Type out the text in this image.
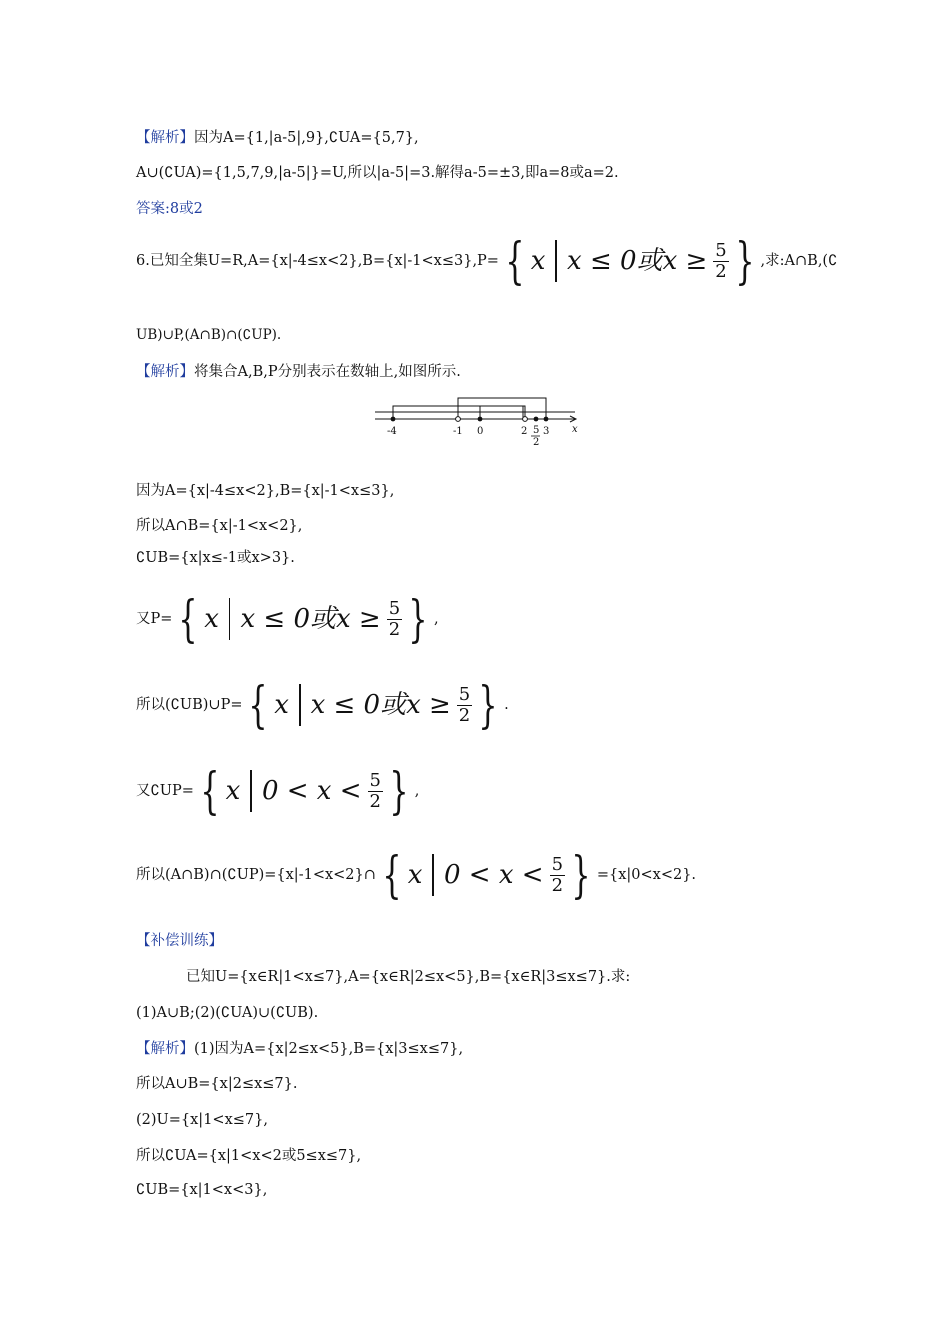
【解析】因为A={1,|a-5|,9},∁UA={5,7},
A∪(∁UA)={1,5,7,9,|a-5|}=U,所以|a-5|=3.解得a-5=±3,即a=8或a=2.
答案:8或2
6.已知全集U=R,A={x|-4≤x<2},B={x|-1<x≤3},P= { x x ≤ 0或$x \ge \frac{5}{2}$ } ,求:A∩B,(∁
UB)∪P,(A∩B)∩(∁UP).
【解析】将集合A,B,P分别表示在数轴上,如图所示.
-4	-1 0	2 5
2
3 x
因为A={x|-4≤x<2},B={x|-1<x≤3},
所以A∩B={x|-1<x<2},
∁UB={x|x≤-1或x>3}.
又P= { x x ≤ 0或$x \ge \frac{5}{2}$ } ,
所以(∁UB)∪P= { x x ≤ 0或$x \ge \frac{5}{2}$ } .
又∁UP= { x $0 < x < \frac{5}{2}$ } ,
所以(A∩B)∩(∁UP)={x|-1<x<2}∩ { x $0 < x < \frac{5}{2}$ } ={x|0<x<2}.
【补偿训练】
已知U={x∈R|1<x≤7},A={x∈R|2≤x<5},B={x∈R|3≤x≤7}.求:
(1)A∪B;(2)(∁UA)∪(∁UB).
【解析】(1)因为A={x|2≤x<5},B={x|3≤x≤7},
所以A∪B={x|2≤x≤7}.
(2)U={x|1<x≤7},
所以∁UA={x|1<x<2或5≤x≤7},
∁UB={x|1<x<3},
